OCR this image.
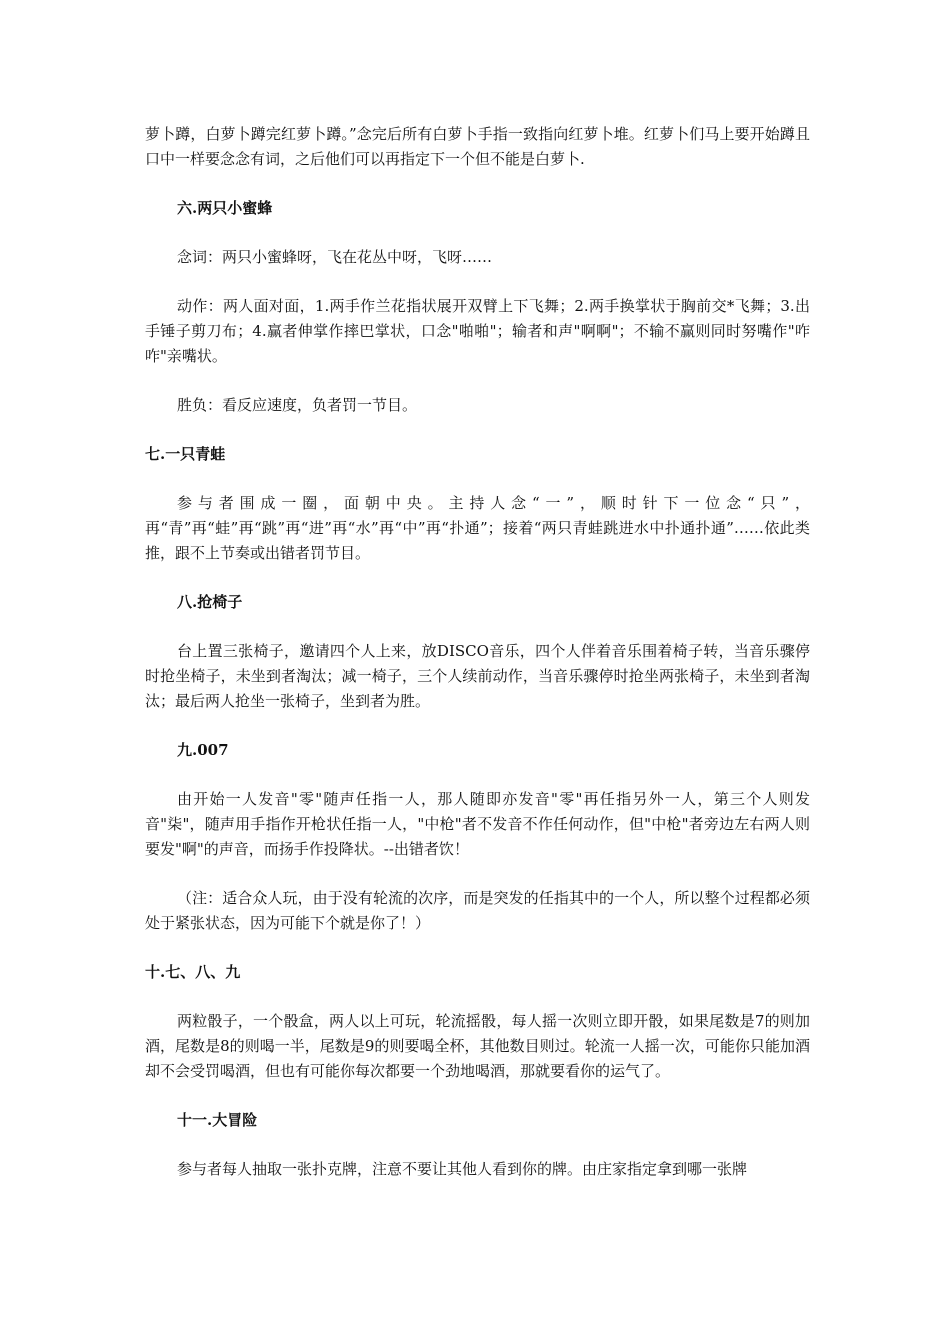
萝卜蹲，白萝卜蹲完红萝卜蹲。”念完后所有白萝卜手指一致指向红萝卜堆。红萝卜们马上要开始蹲且口中一样要念念有词，之后他们可以再指定下一个但不能是白萝卜.

六.两只小蜜蜂

念词：两只小蜜蜂呀，飞在花丛中呀，飞呀……

动作：两人面对面，1.两手作兰花指状展开双臂上下飞舞；2.两手换掌状于胸前交*飞舞；3.出手锤子剪刀布；4.赢者伸掌作摔巴掌状，口念"啪啪"；输者和声"啊啊"；不输不赢则同时努嘴作"咋咋"亲嘴状。

胜负：看反应速度，负者罚一节目。

七.一只青蛙

参与者围成一圈，面朝中央。主持人念“一”，顺时针下一位念“只”，再“青”再“蛙”再“跳”再“进”再“水”再“中”再“扑通”；接着“两只青蛙跳进水中扑通扑通”……依此类推，跟不上节奏或出错者罚节目。

八.抢椅子

台上置三张椅子，邀请四个人上来，放DISCO音乐，四个人伴着音乐围着椅子转，当音乐骤停时抢坐椅子，未坐到者淘汰；减一椅子，三个人续前动作，当音乐骤停时抢坐两张椅子，未坐到者淘汰；最后两人抢坐一张椅子，坐到者为胜。

九.007

由开始一人发音"零"随声任指一人，那人随即亦发音"零"再任指另外一人，第三个人则发音"柒"，随声用手指作开枪状任指一人，"中枪"者不发音不作任何动作，但"中枪"者旁边左右两人则要发"啊"的声音，而扬手作投降状。--出错者饮！

（注：适合众人玩，由于没有轮流的次序，而是突发的任指其中的一个人，所以整个过程都必须处于紧张状态，因为可能下个就是你了！）

十.七、八、九

两粒骰子，一个骰盒，两人以上可玩，轮流摇骰，每人摇一次则立即开骰，如果尾数是7的则加酒，尾数是8的则喝一半，尾数是9的则要喝全杯，其他数目则过。轮流一人摇一次，可能你只能加酒却不会受罚喝酒，但也有可能你每次都要一个劲地喝酒，那就要看你的运气了。

十一.大冒险

参与者每人抽取一张扑克牌，注意不要让其他人看到你的牌。由庄家指定拿到哪一张牌
